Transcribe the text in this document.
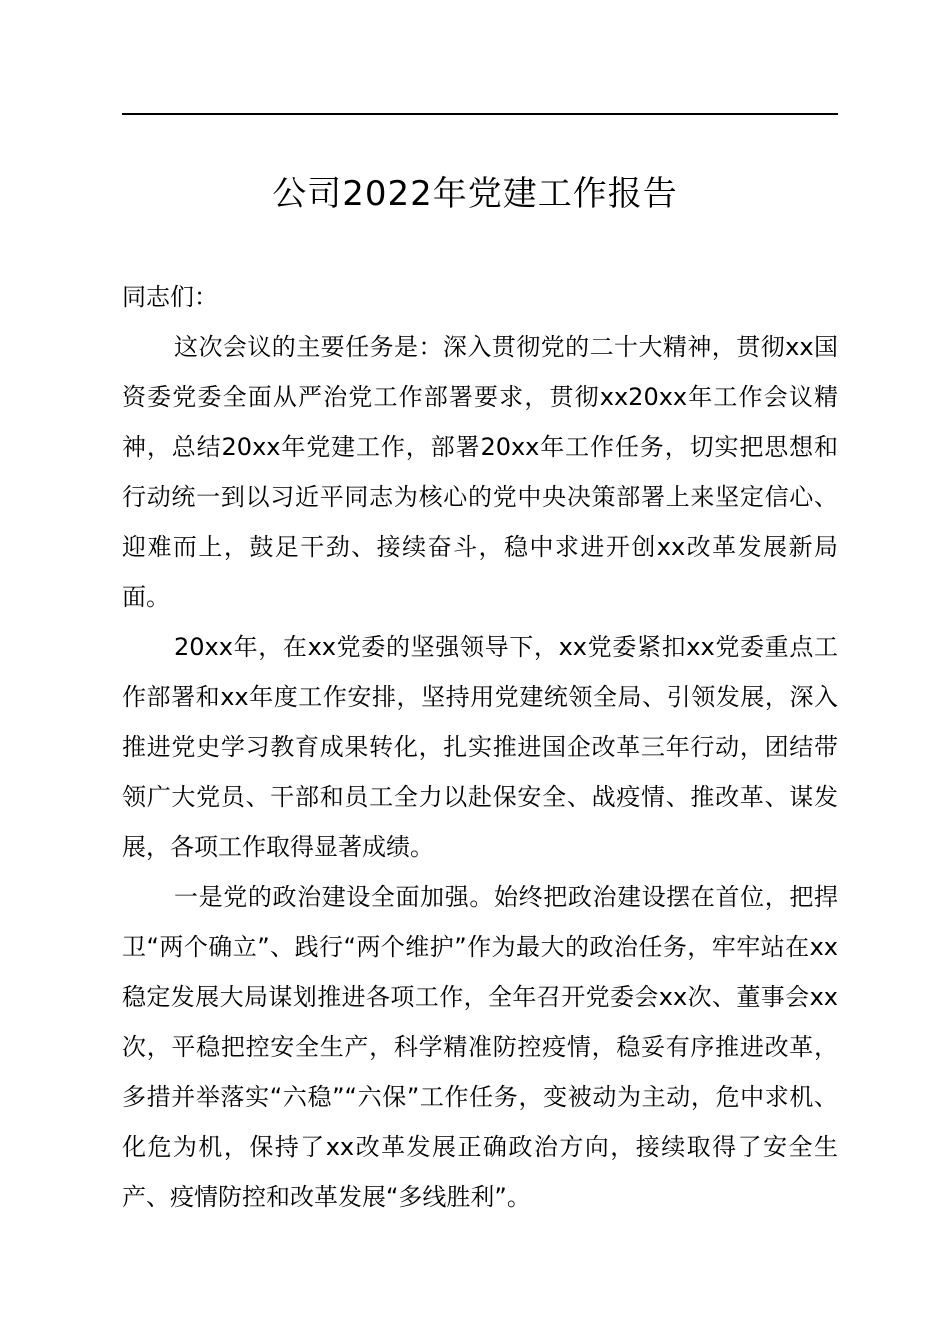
公司2022年党建工作报告

同志们：

这次会议的主要任务是：深入贯彻党的二十大精神，贯彻xx国资委党委全面从严治党工作部署要求，贯彻xx20xx年工作会议精神，总结20xx年党建工作，部署20xx年工作任务，切实把思想和行动统一到以习近平同志为核心的党中央决策部署上来坚定信心、迎难而上，鼓足干劲、接续奋斗，稳中求进开创xx改革发展新局面。

20xx年，在xx党委的坚强领导下，xx党委紧扣xx党委重点工作部署和xx年度工作安排，坚持用党建统领全局、引领发展，深入推进党史学习教育成果转化，扎实推进国企改革三年行动，团结带领广大党员、干部和员工全力以赴保安全、战疫情、推改革、谋发展，各项工作取得显著成绩。

一是党的政治建设全面加强。始终把政治建设摆在首位，把捍卫“两个确立”、践行“两个维护”作为最大的政治任务，牢牢站在xx稳定发展大局谋划推进各项工作，全年召开党委会xx次、董事会xx次，平稳把控安全生产，科学精准防控疫情，稳妥有序推进改革，多措并举落实“六稳”“六保”工作任务，变被动为主动，危中求机、化危为机，保持了xx改革发展正确政治方向，接续取得了安全生产、疫情防控和改革发展“多线胜利”。
